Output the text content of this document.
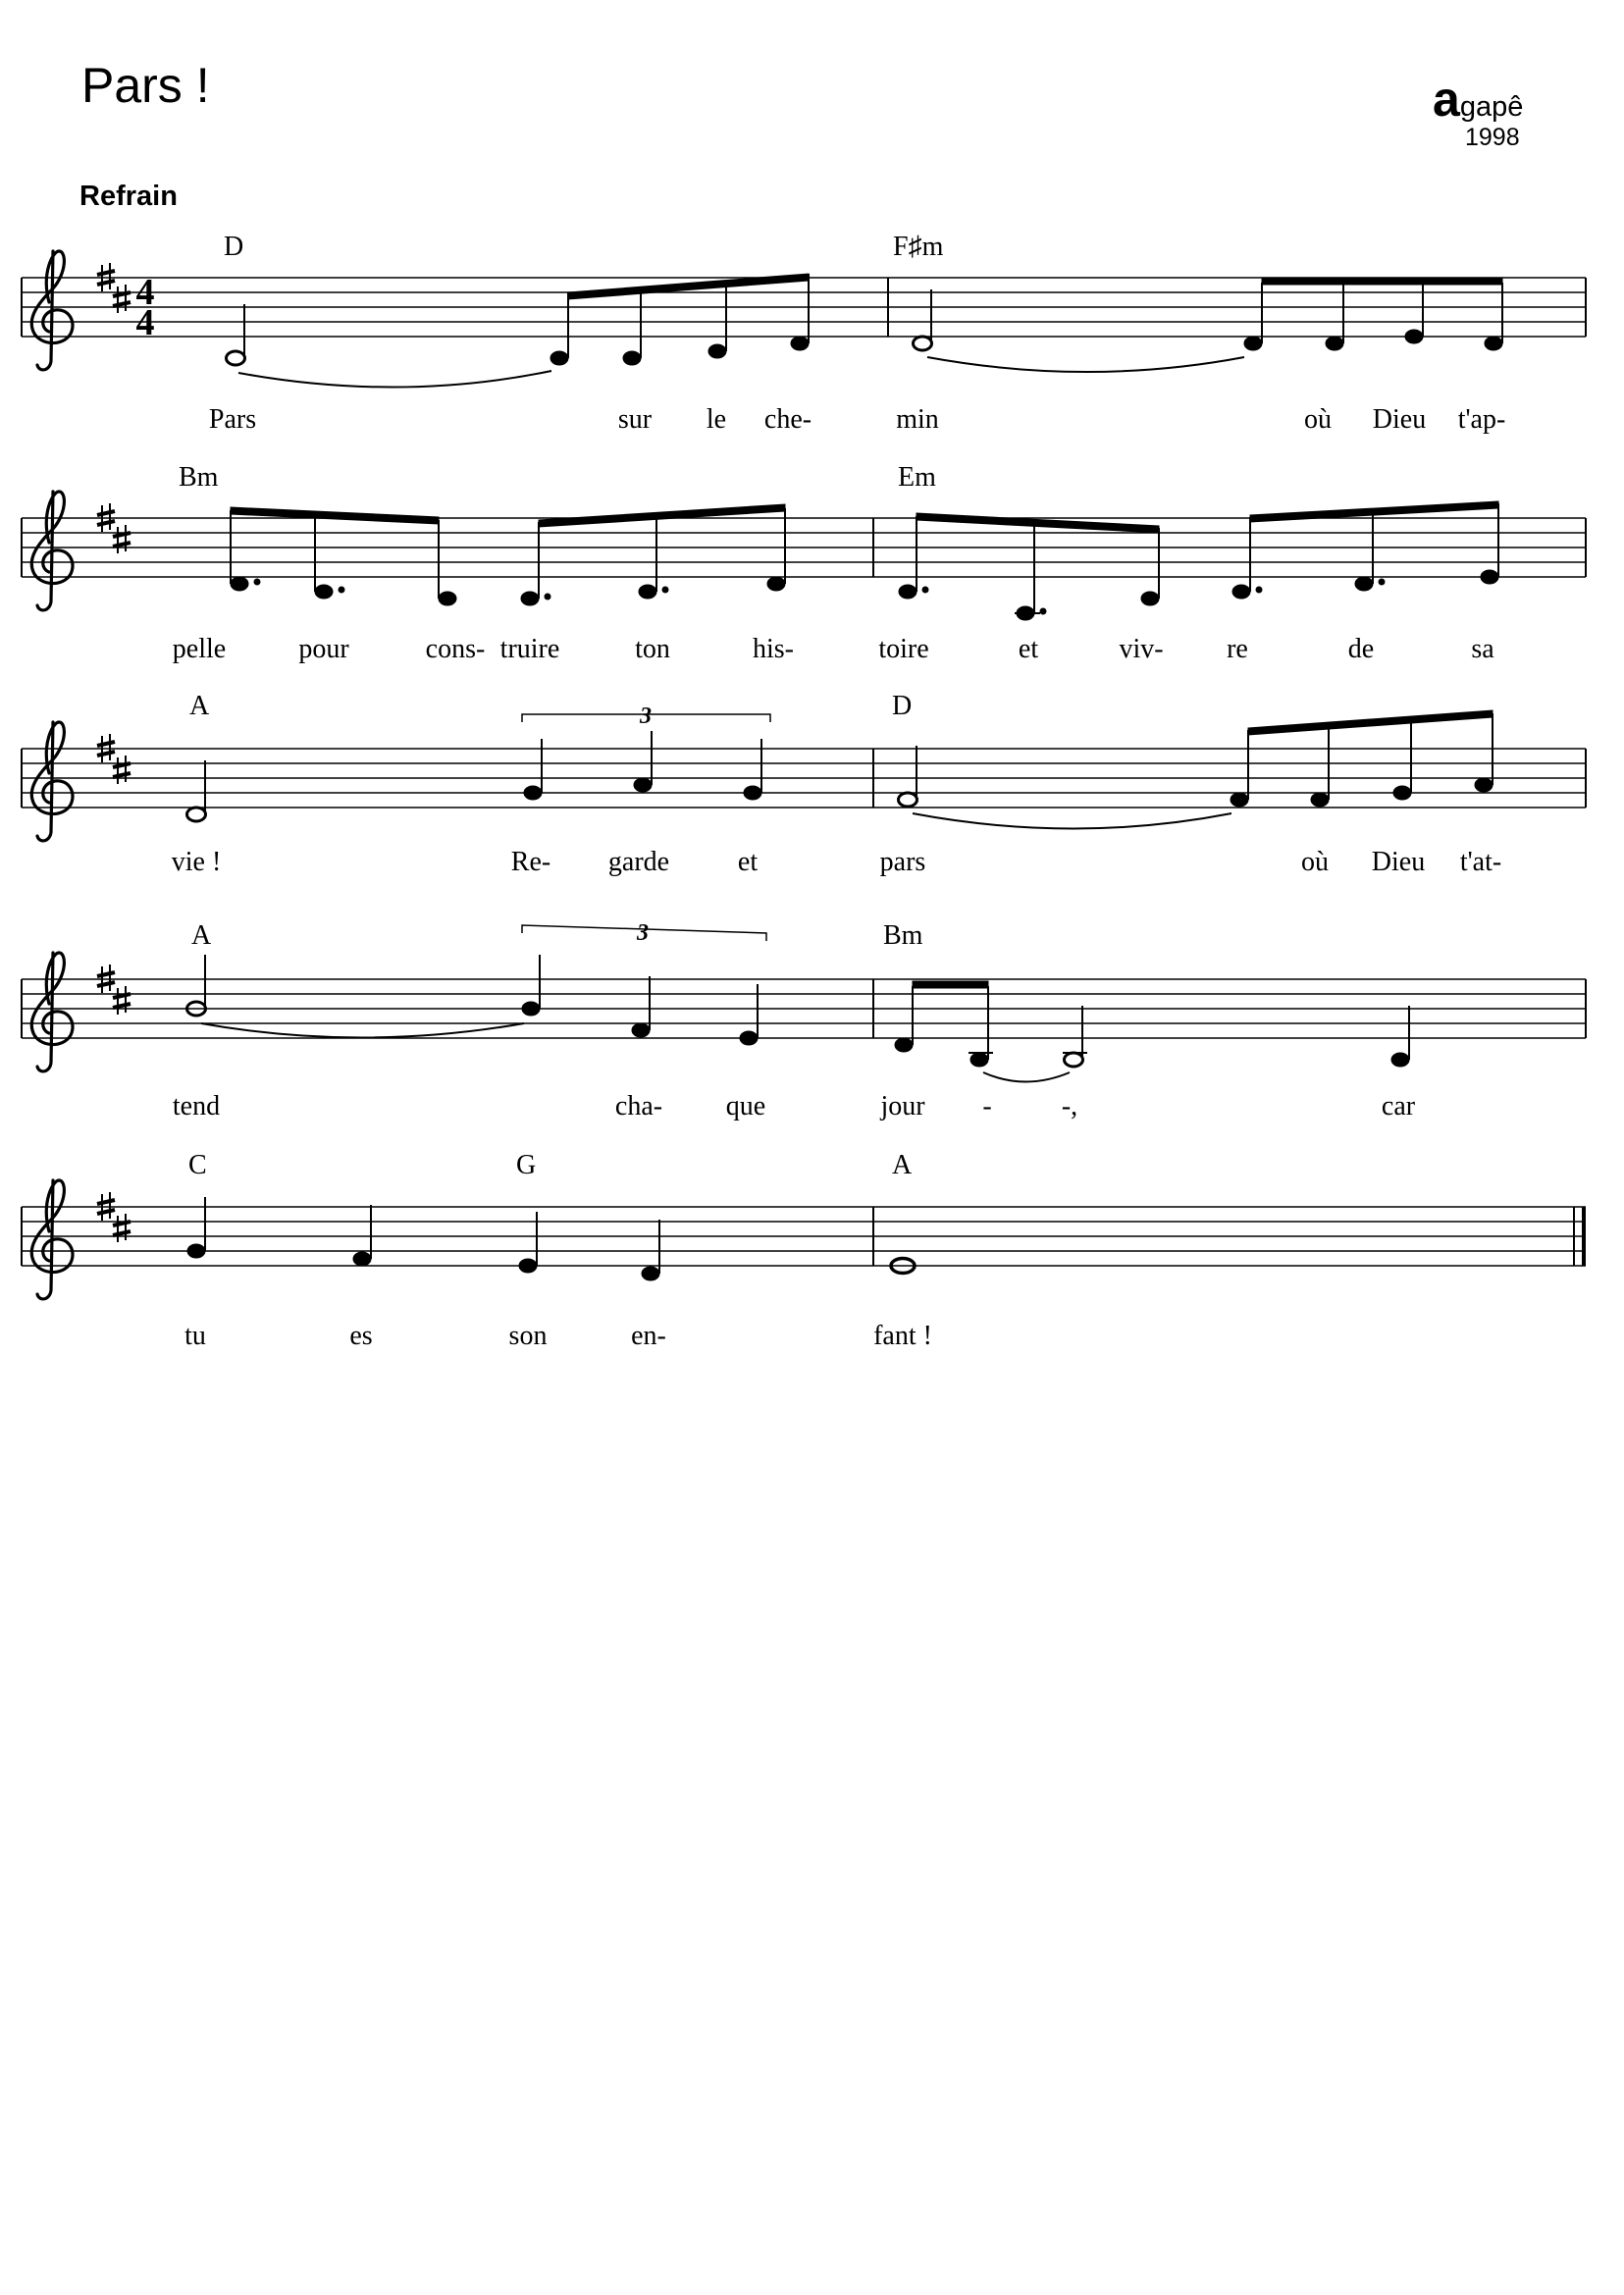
Pars !	agapê
1998
Refrain
4
4
D	F♯m
Pars	sur le che-	min	où Dieu t'ap-
Bm	Em
pelle	pour	cons- truire	ton	his-	toire	et	viv- re	de	sa
3
A	D
vie !	Re- garde et	pars	où Dieu t'at-
3
A	Bm
tend	cha- que	jour -	-,	car
C	G	A
tu	es	son	en-	fant !
